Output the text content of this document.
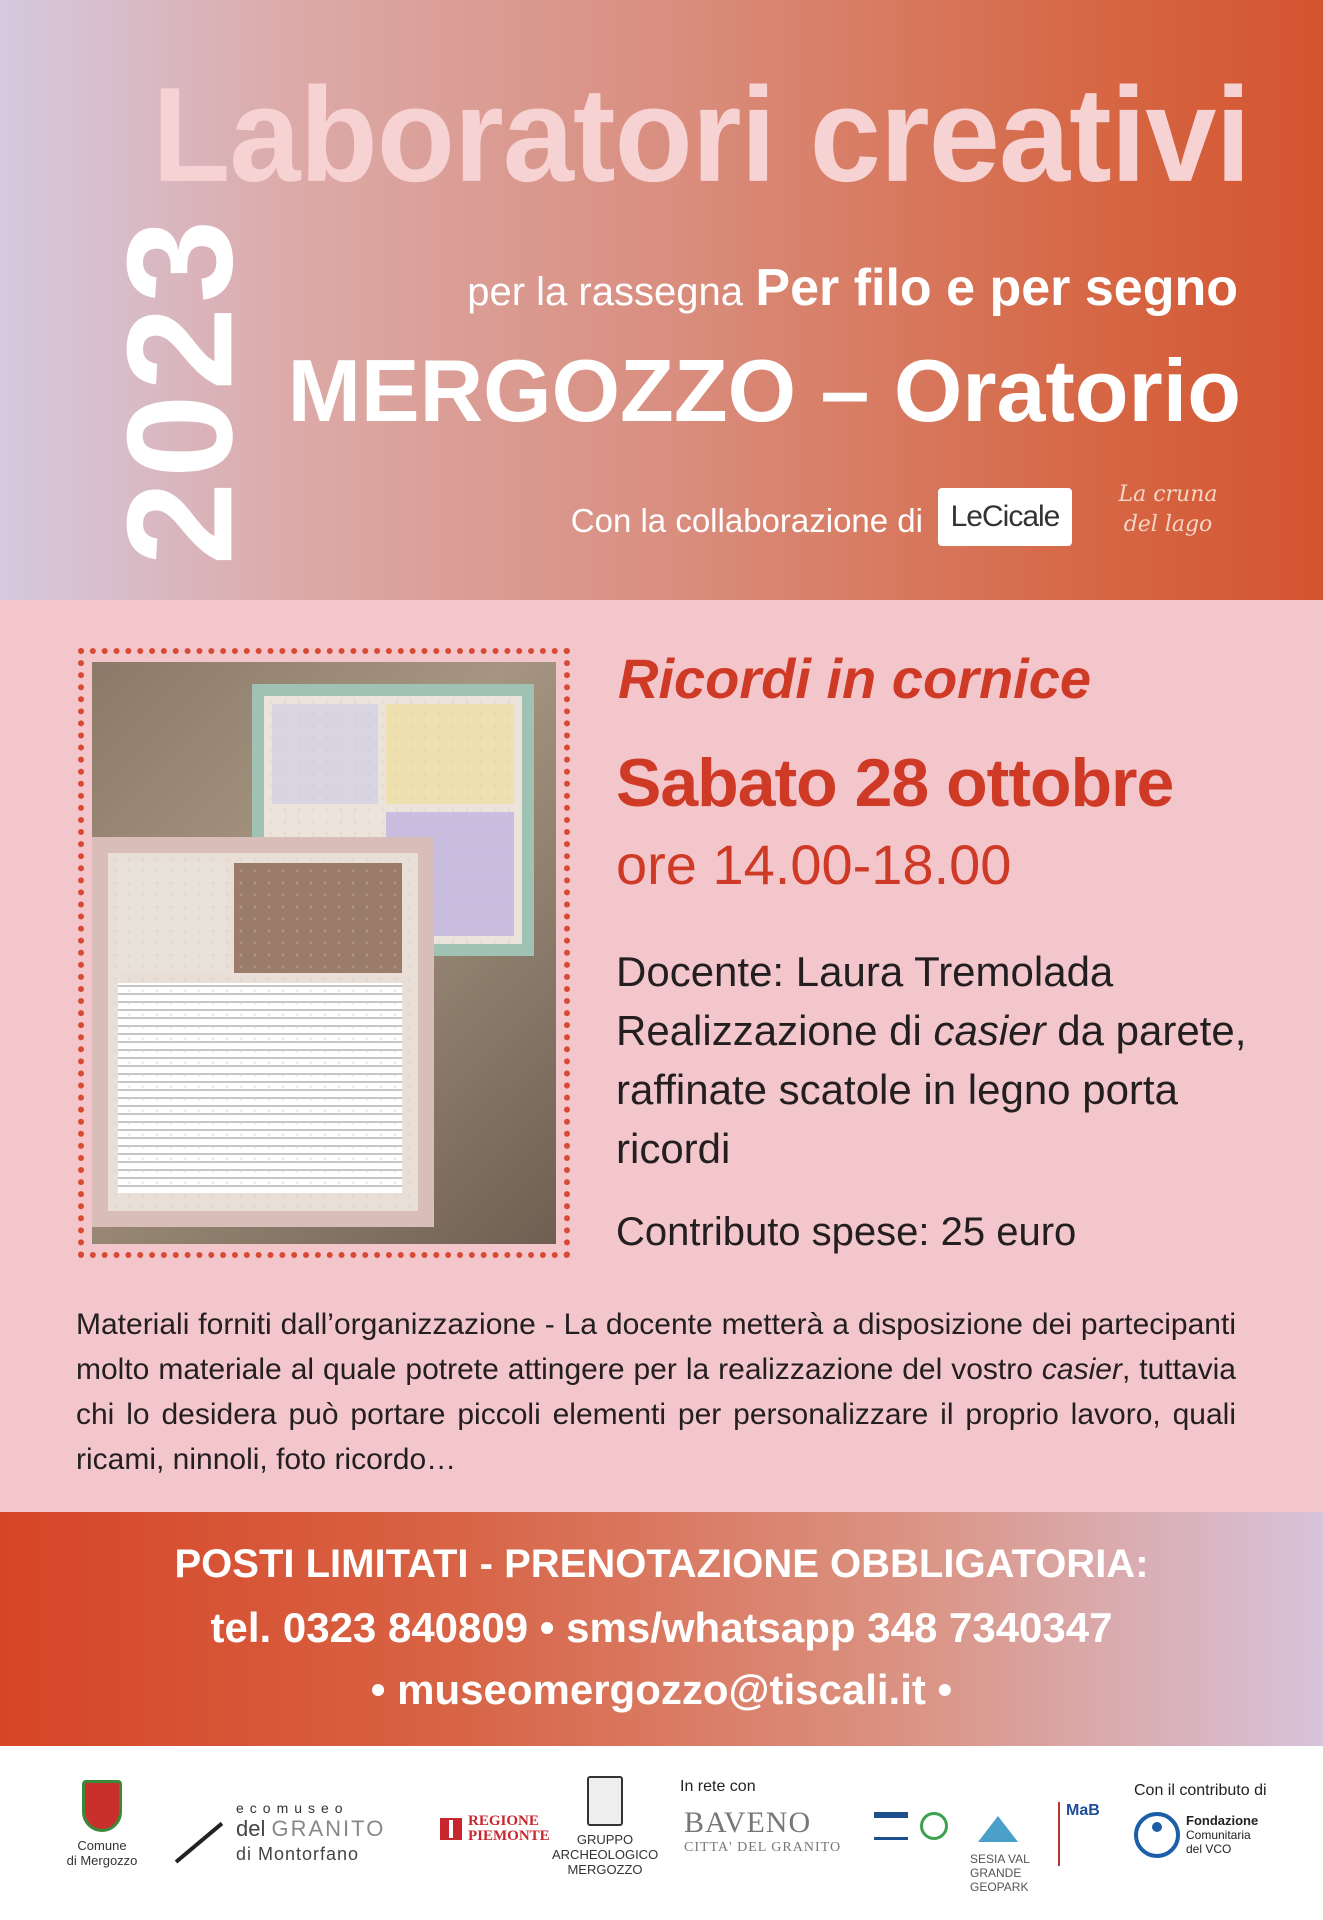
2023
Laboratori creativi
per la rassegna Per filo e per segno
MERGOZZO – Oratorio
Con la collaborazione di LeCicale
La cruna
del lago
Ricordi in cornice
Sabato 28 ottobre
ore 14.00-18.00
Docente: Laura Tremolada
Realizzazione di casier da parete, raffinate scatole in legno porta ricordi
Contributo spese: 25 euro
Materiali forniti dall’organizzazione - La docente metterà a disposizione dei partecipanti molto materiale al quale potrete attingere per la realizzazione del vostro casier, tuttavia chi lo desidera può portare piccoli elementi per personalizzare il proprio lavoro, quali ricami, ninnoli, foto ricordo…
POSTI LIMITATI - PRENOTAZIONE OBBLIGATORIA:
tel. 0323 840809 • sms/whatsapp 348 7340347
• museomergozzo@tiscali.it •
In rete con	Con il contributo di
Comune
di Mergozzo
ecomuseo
del GRANITO
di Montorfano
REGIONE
PIEMONTE	GRUPPO
ARCHEOLOGICO
MERGOZZO
BAVENO
CITTA' DEL GRANITO
SESIA VAL GRANDE
GEOPARK
MaB
Fondazione
Comunitaria
del VCO
